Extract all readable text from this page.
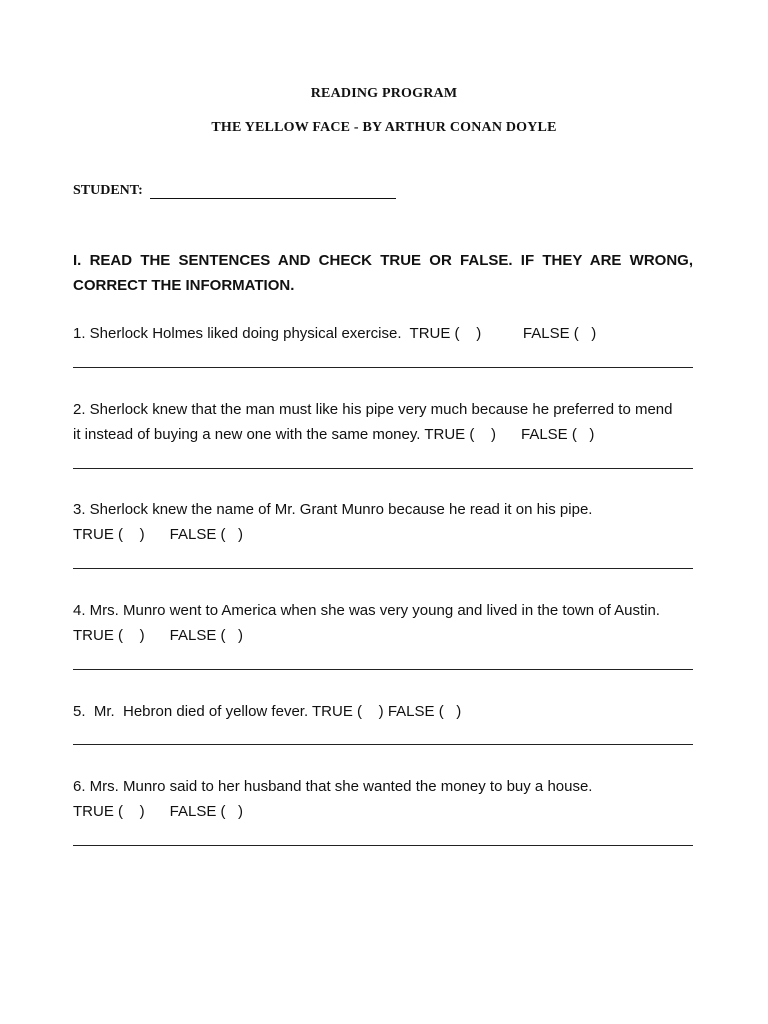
READING PROGRAM
THE YELLOW FACE - BY ARTHUR CONAN DOYLE
STUDENT:
I. READ THE SENTENCES AND CHECK TRUE OR FALSE. IF THEY ARE WRONG, CORRECT THE INFORMATION.
1. Sherlock Holmes liked doing physical exercise.  TRUE (    )          FALSE (   )
2. Sherlock knew that the man must like his pipe very much because he preferred to mend
it instead of buying a new one with the same money. TRUE (    )      FALSE (   )
3. Sherlock knew the name of Mr. Grant Munro because he read it on his pipe.
TRUE (    )      FALSE (   )
4. Mrs. Munro went to America when she was very young and lived in the town of Austin.
TRUE (    )      FALSE (   )
5.  Mr.  Hebron died of yellow fever. TRUE (    ) FALSE (   )
6. Mrs. Munro said to her husband that she wanted the money to buy a house.
TRUE (    )      FALSE (   )
